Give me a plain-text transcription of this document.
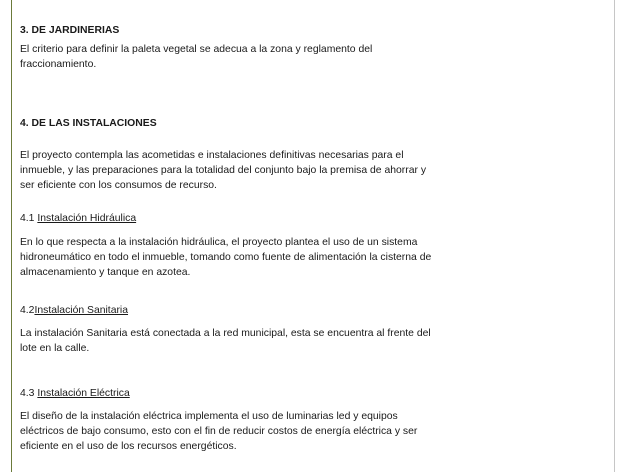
3. DE JARDINERIAS

El criterio para definir la paleta vegetal se adecua a la zona y reglamento del fraccionamiento.

4. DE LAS INSTALACIONES

El proyecto contempla las acometidas e instalaciones definitivas necesarias para el inmueble, y las preparaciones para la totalidad del conjunto bajo la premisa de ahorrar y ser eficiente con los consumos de recurso.

4.1 Instalación Hidráulica

En lo que respecta a la instalación hidráulica, el proyecto plantea el uso de un sistema hidroneumático en todo el inmueble, tomando como fuente de alimentación la cisterna de almacenamiento y tanque en azotea.

4.2Instalación Sanitaria

La instalación Sanitaria está conectada a la red municipal, esta se encuentra al frente del lote en la calle.

4.3 Instalación Eléctrica

El diseño de la instalación eléctrica implementa el uso de luminarias led y equipos eléctricos de bajo consumo, esto con el fin de reducir costos de energía eléctrica y ser eficiente en el uso de los recursos energéticos.
